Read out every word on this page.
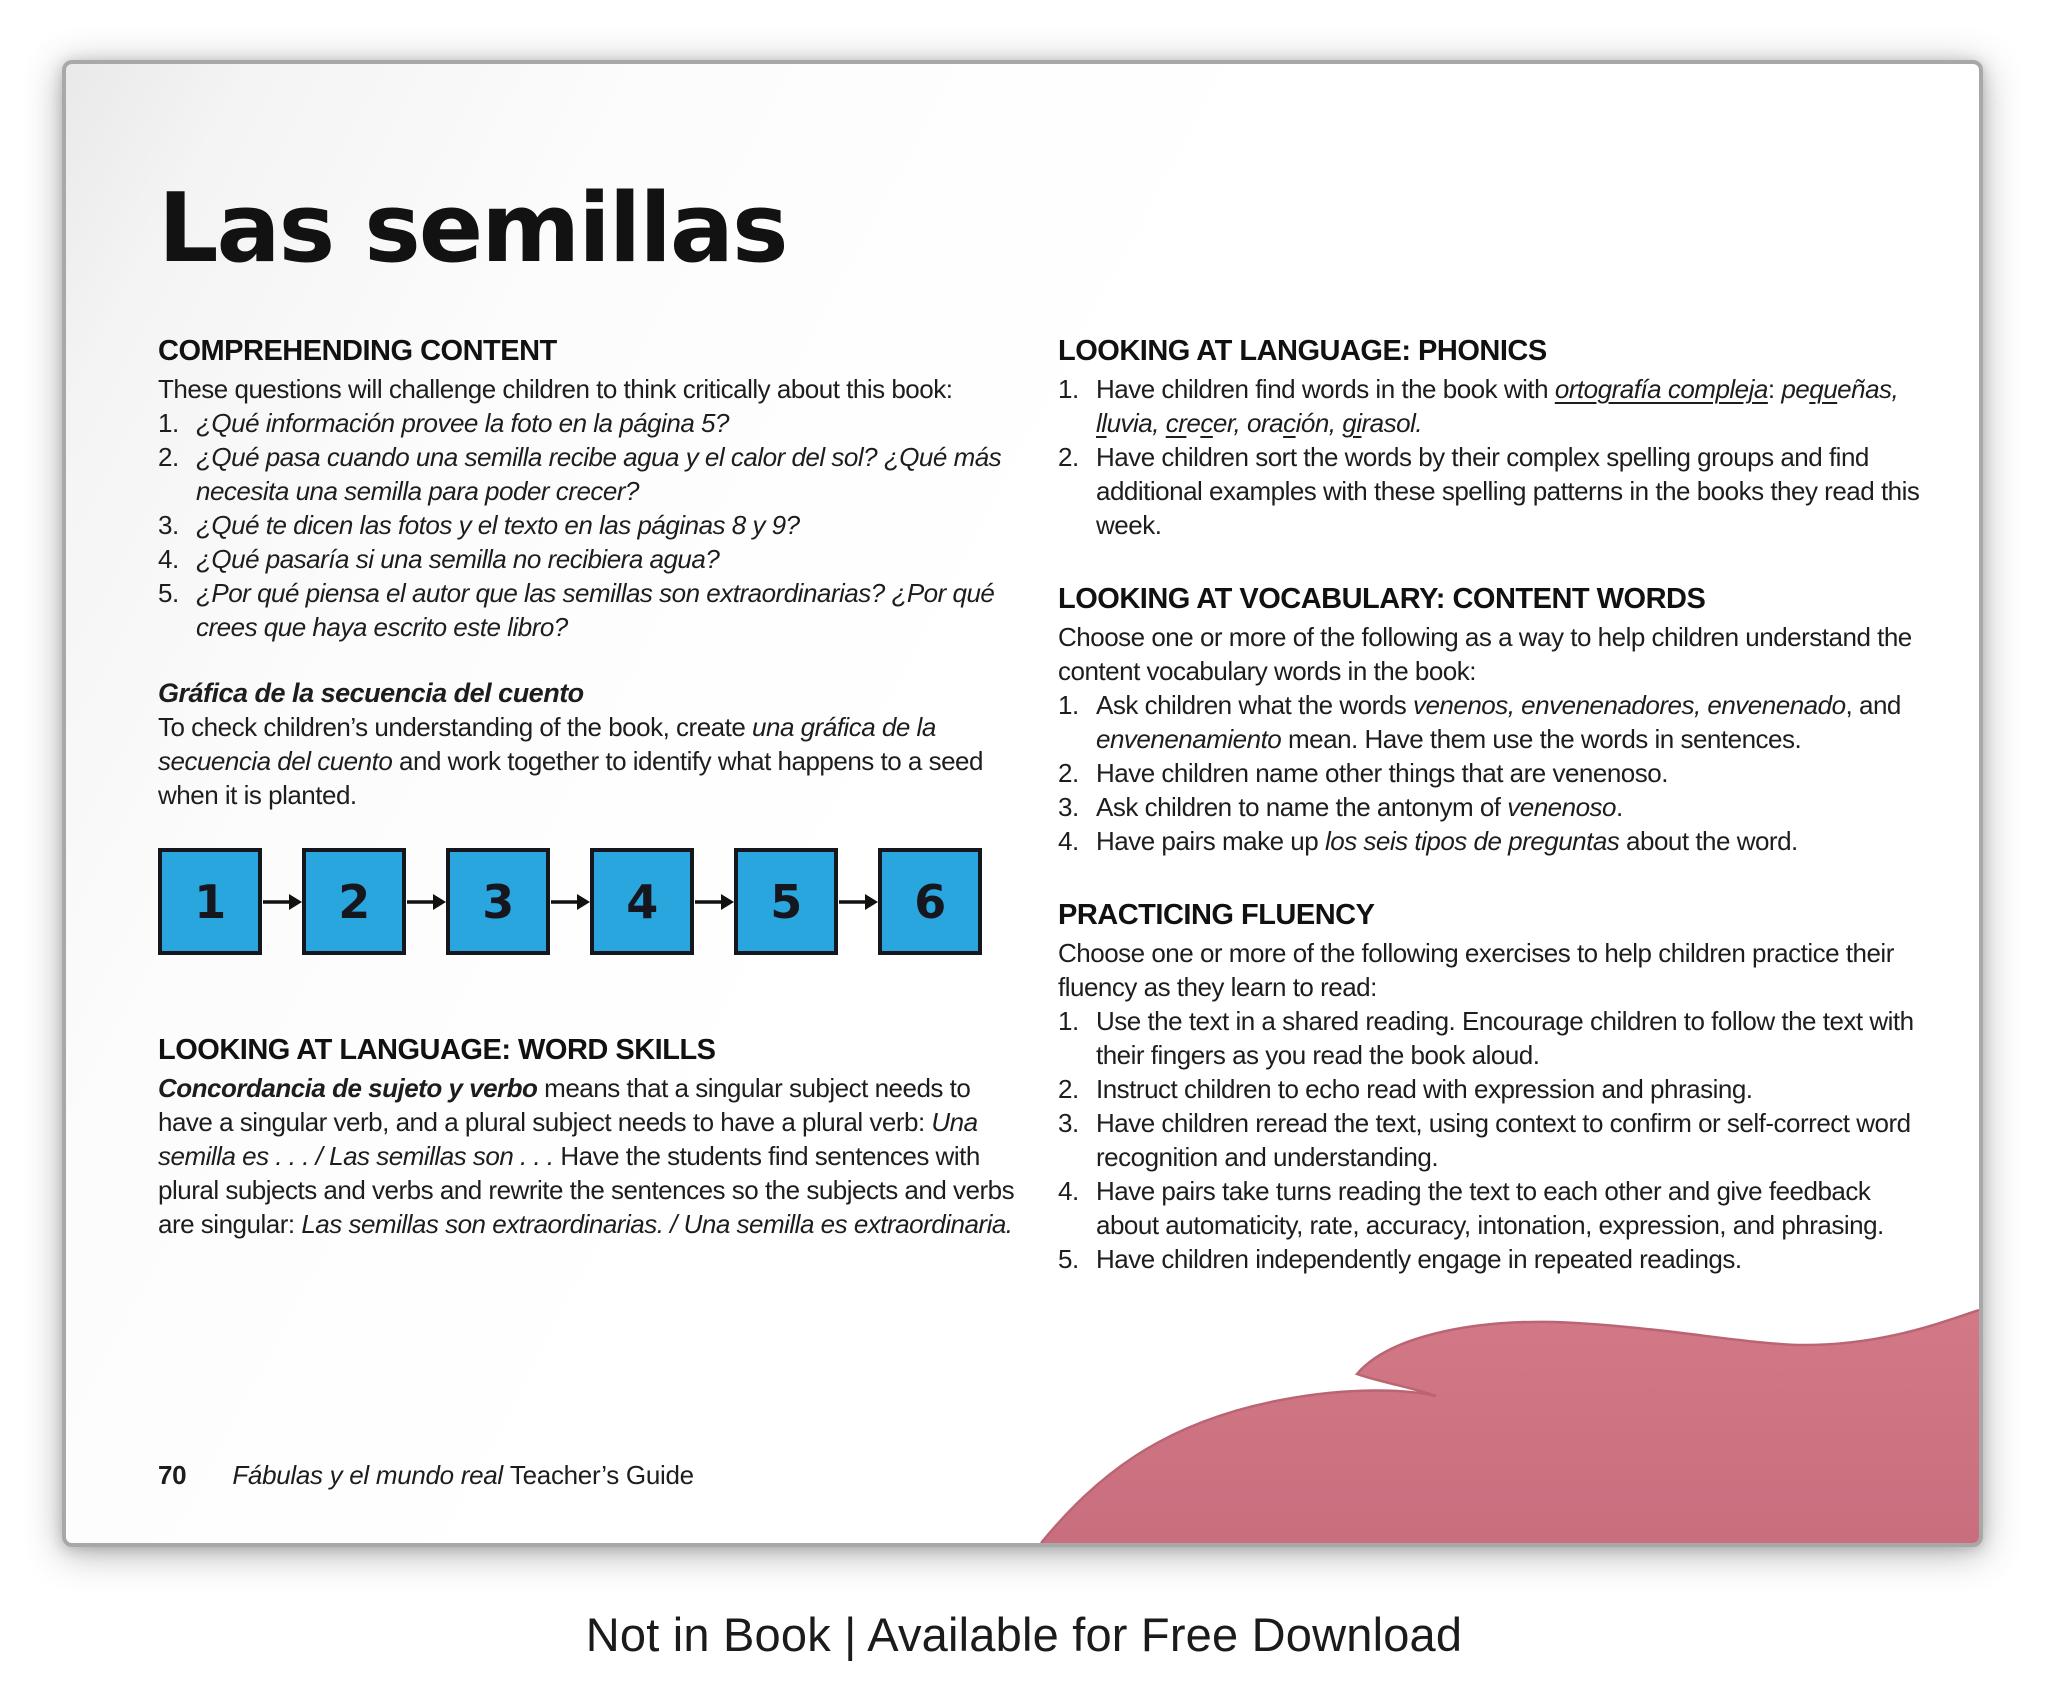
Las semillas
COMPREHENDING CONTENT

These questions will challenge children to think critically about this book:

1. ¿Qué información provee la foto en la página 5?
2. ¿Qué pasa cuando una semilla recibe agua y el calor del sol? ¿Qué más necesita una semilla para poder crecer?
3. ¿Qué te dicen las fotos y el texto en las páginas 8 y 9?
4. ¿Qué pasaría si una semilla no recibiera agua?
5. ¿Por qué piensa el autor que las semillas son extraordinarias? ¿Por qué crees que haya escrito este libro?
Gráfica de la secuencia del cuento

To check children’s understanding of the book, create una gráfica de la secuencia del cuento and work together to identify what happens to a seed when it is planted.

1	2	3	4	5	6
LOOKING AT LANGUAGE: WORD SKILLS

Concordancia de sujeto y verbo means that a singular subject needs to have a singular verb, and a plural subject needs to have a plural verb: Una semilla es . . . / Las semillas son . . . Have the students find sentences with plural subjects and verbs and rewrite the sentences so the subjects and verbs are singular: Las semillas son extraordinarias. / Una semilla es extraordinaria.

LOOKING AT LANGUAGE: PHONICS
1. Have children find words in the book with ortografía compleja: pequeñas, lluvia, crecer, oración, girasol.
2. Have children sort the words by their complex spelling groups and find additional examples with these spelling patterns in the books they read this week.
LOOKING AT VOCABULARY: CONTENT WORDS

Choose one or more of the following as a way to help children understand the content vocabulary words in the book:

1. Ask children what the words venenos, envenenadores, envenenado, and envenenamiento mean. Have them use the words in sentences.
2. Have children name other things that are venenoso.
3. Ask children to name the antonym of venenoso.
4. Have pairs make up los seis tipos de preguntas about the word.
PRACTICING FLUENCY

Choose one or more of the following exercises to help children practice their fluency as they learn to read:

1. Use the text in a shared reading. Encourage children to follow the text with their fingers as you read the book aloud.
2. Instruct children to echo read with expression and phrasing.
3. Have children reread the text, using context to confirm or self-correct word recognition and understanding.
4. Have pairs take turns reading the text to each other and give feedback about automaticity, rate, accuracy, intonation, expression, and phrasing.
5. Have children independently engage in repeated readings.
70 Fábulas y el mundo real Teacher’s Guide
Not in Book | Available for Free Download
